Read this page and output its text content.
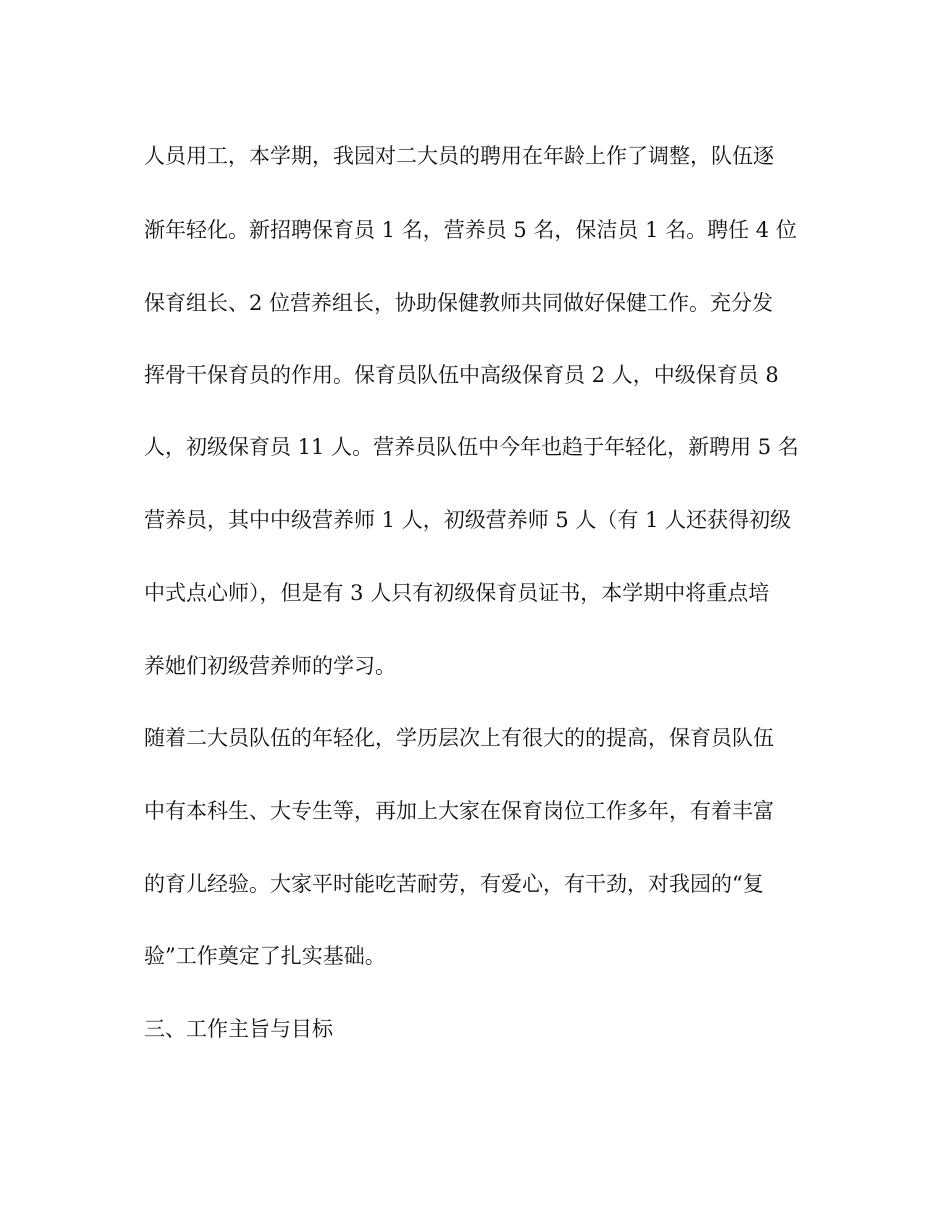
人员用工，本学期，我园对二大员的聘用在年龄上作了调整，队伍逐

渐年轻化。新招聘保育员 1 名，营养员 5 名，保洁员 1 名。聘任 4 位

保育组长、2 位营养组长，协助保健教师共同做好保健工作。充分发

挥骨干保育员的作用。保育员队伍中高级保育员 2 人，中级保育员 8

人，初级保育员 11 人。营养员队伍中今年也趋于年轻化，新聘用 5 名

营养员，其中中级营养师 1 人，初级营养师 5 人（有 1 人还获得初级

中式点心师），但是有 3 人只有初级保育员证书，本学期中将重点培

养她们初级营养师的学习。

随着二大员队伍的年轻化，学历层次上有很大的的提高，保育员队伍

中有本科生、大专生等，再加上大家在保育岗位工作多年，有着丰富

的育儿经验。大家平时能吃苦耐劳，有爱心，有干劲，对我园的“复

验”工作奠定了扎实基础。

三、工作主旨与目标
